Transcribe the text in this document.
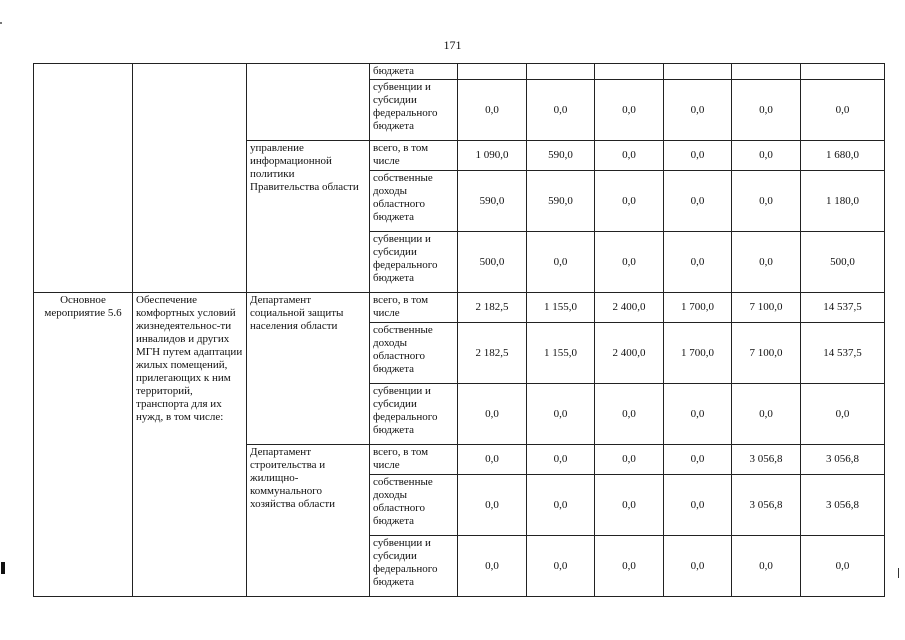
171
			бюджета						
			субвенции и субсидии федерального бюджета	0,0	0,0	0,0	0,0	0,0	0,0
		управление информационной политики Правительства области	всего, в том числе	1 090,0	590,0	0,0	0,0	0,0	1 680,0
			собственные доходы областного бюджета	590,0	590,0	0,0	0,0	0,0	1 180,0
			субвенции и субсидии федерального бюджета	500,0	0,0	0,0	0,0	0,0	500,0
Основное мероприятие 5.6	Обеспечение комфортных условий жизнедеятельнос-ти инвалидов и других МГН путем адаптации жилых помещений, прилегающих к ним территорий, транспорта для их нужд, в том числе:	Департамент социальной защиты населения области	всего, в том числе	2 182,5	1 155,0	2 400,0	1 700,0	7 100,0	14 537,5
			собственные доходы областного бюджета	2 182,5	1 155,0	2 400,0	1 700,0	7 100,0	14 537,5
			субвенции и субсидии федерального бюджета	0,0	0,0	0,0	0,0	0,0	0,0
		Департамент строительства и жилищно-коммунального хозяйства области	всего, в том числе	0,0	0,0	0,0	0,0	3 056,8	3 056,8
			собственные доходы областного бюджета	0,0	0,0	0,0	0,0	3 056,8	3 056,8
			субвенции и субсидии федерального бюджета	0,0	0,0	0,0	0,0	0,0	0,0
